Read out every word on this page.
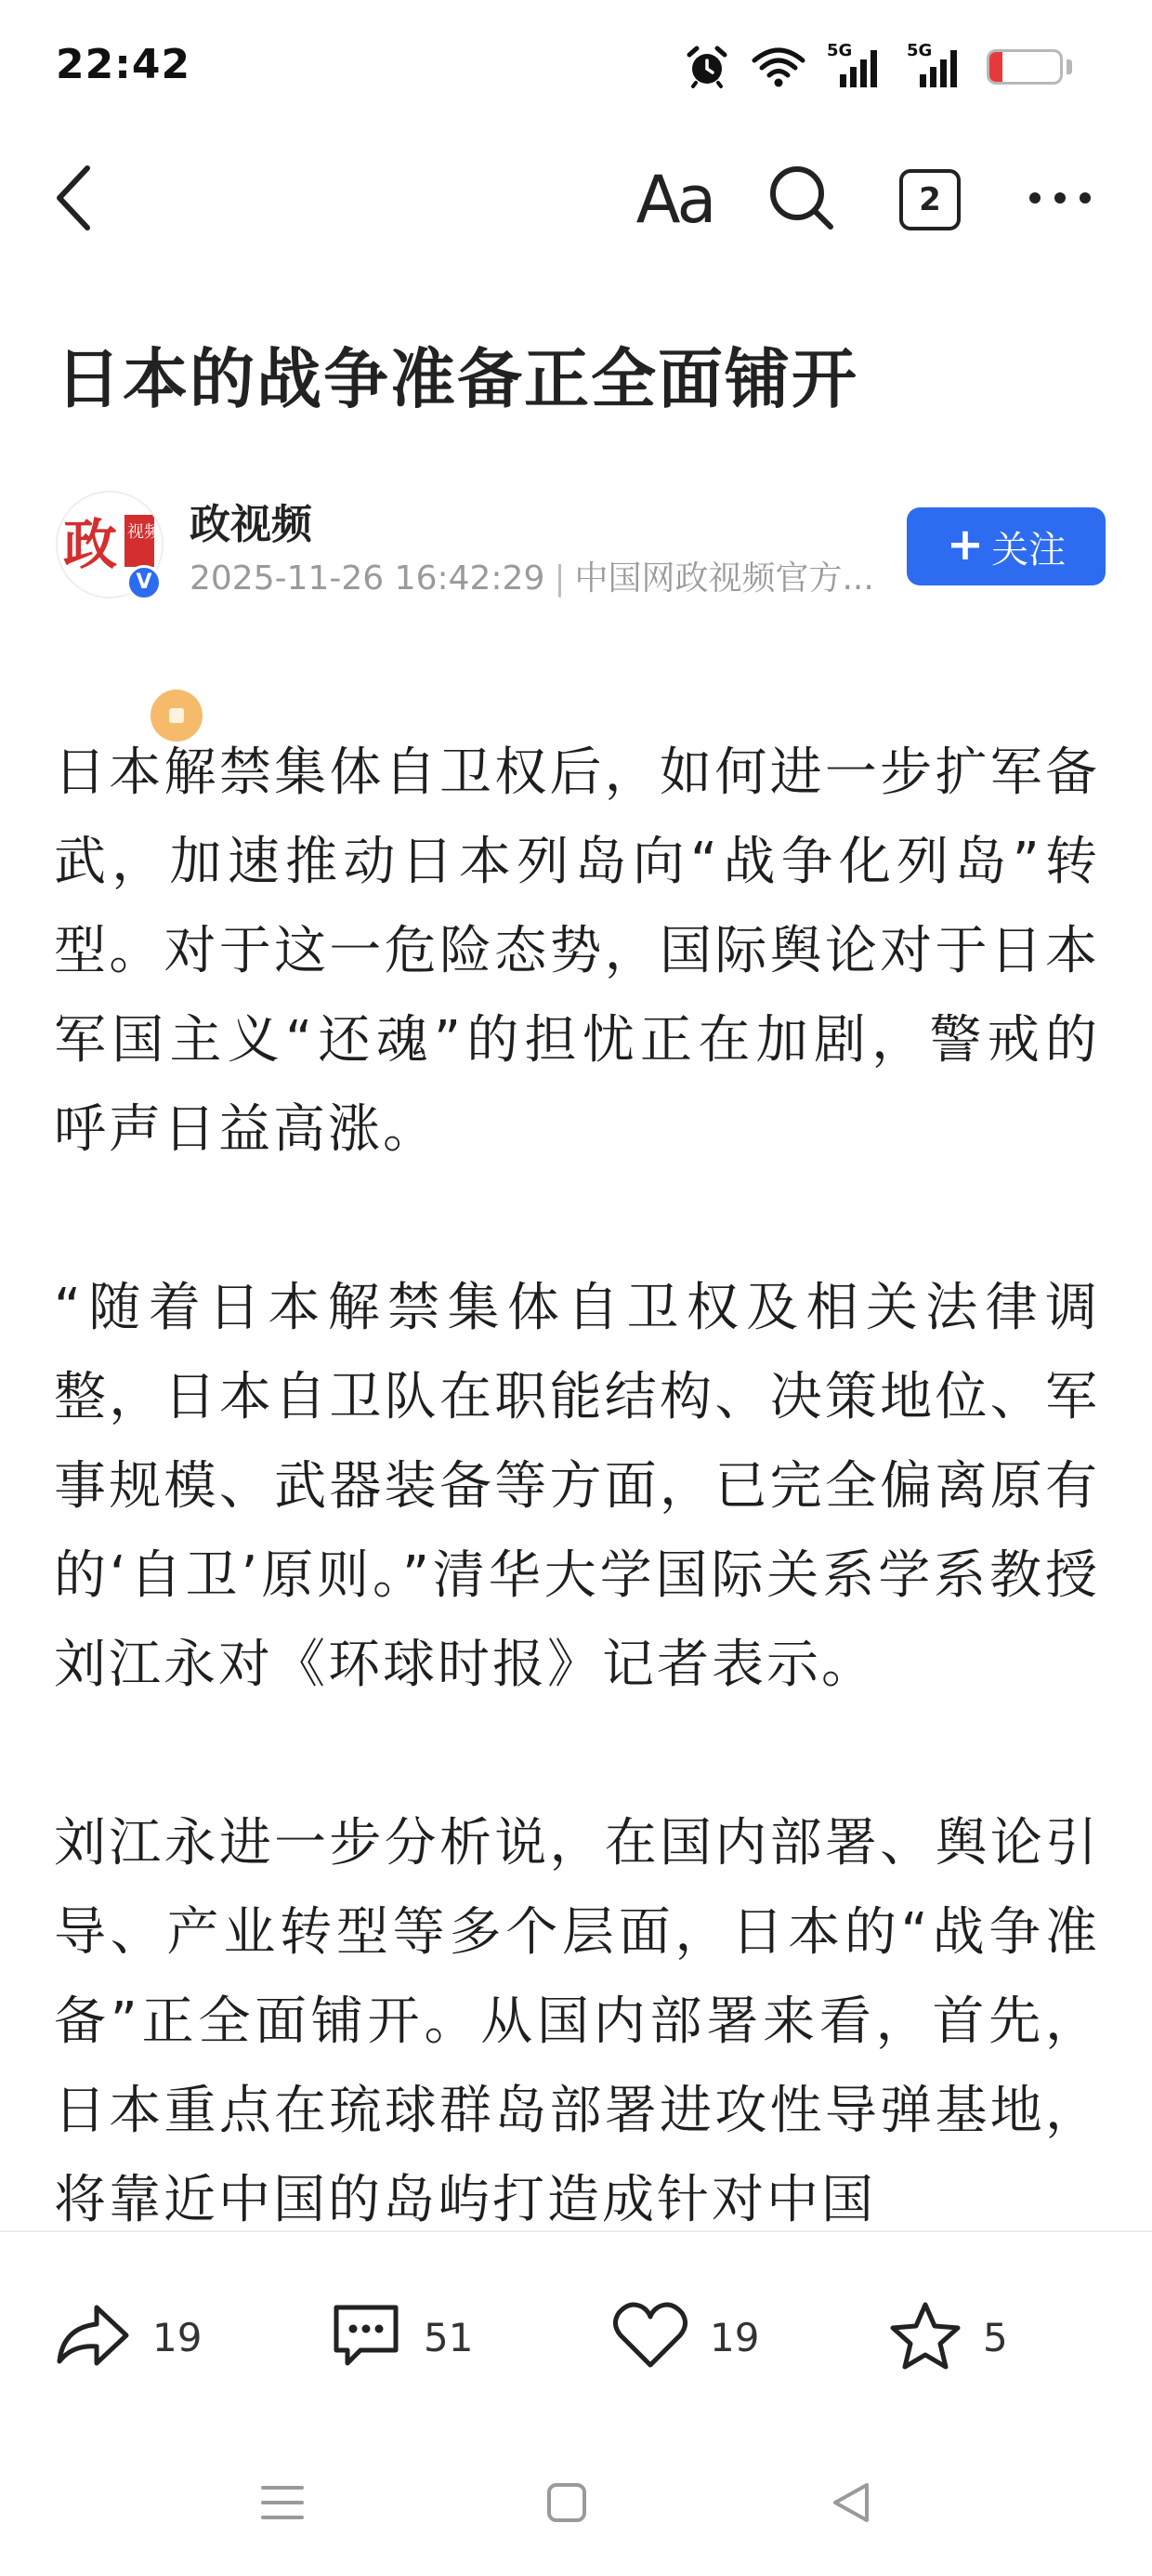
22:42	5G	5G
19
Aa	2
日本的战争准备正全面铺开
政 视频
V
政视频
2025-11-26 16:42:29 | 中国网政视频官方...
+ 关注

日本解禁集体自卫权后，如何进一步扩军备武，加速推动日本列岛向“战争化列岛”转型。对于这一危险态势，国际舆论对于日本军国主义“还魂”的担忧正在加剧，警戒的呼声日益高涨。

“随着日本解禁集体自卫权及相关法律调整，日本自卫队在职能结构、决策地位、军事规模、武器装备等方面，已完全偏离原有的‘自卫’原则。”清华大学国际关系学系教授刘江永对《环球时报》记者表示。

刘江永进一步分析说，在国内部署、舆论引导、产业转型等多个层面，日本的“战争准备”正全面铺开。从国内部署来看，首先，日本重点在琉球群岛部署进攻性导弹基地，将靠近中国的岛屿打造成针对中国

19	51	19	5
